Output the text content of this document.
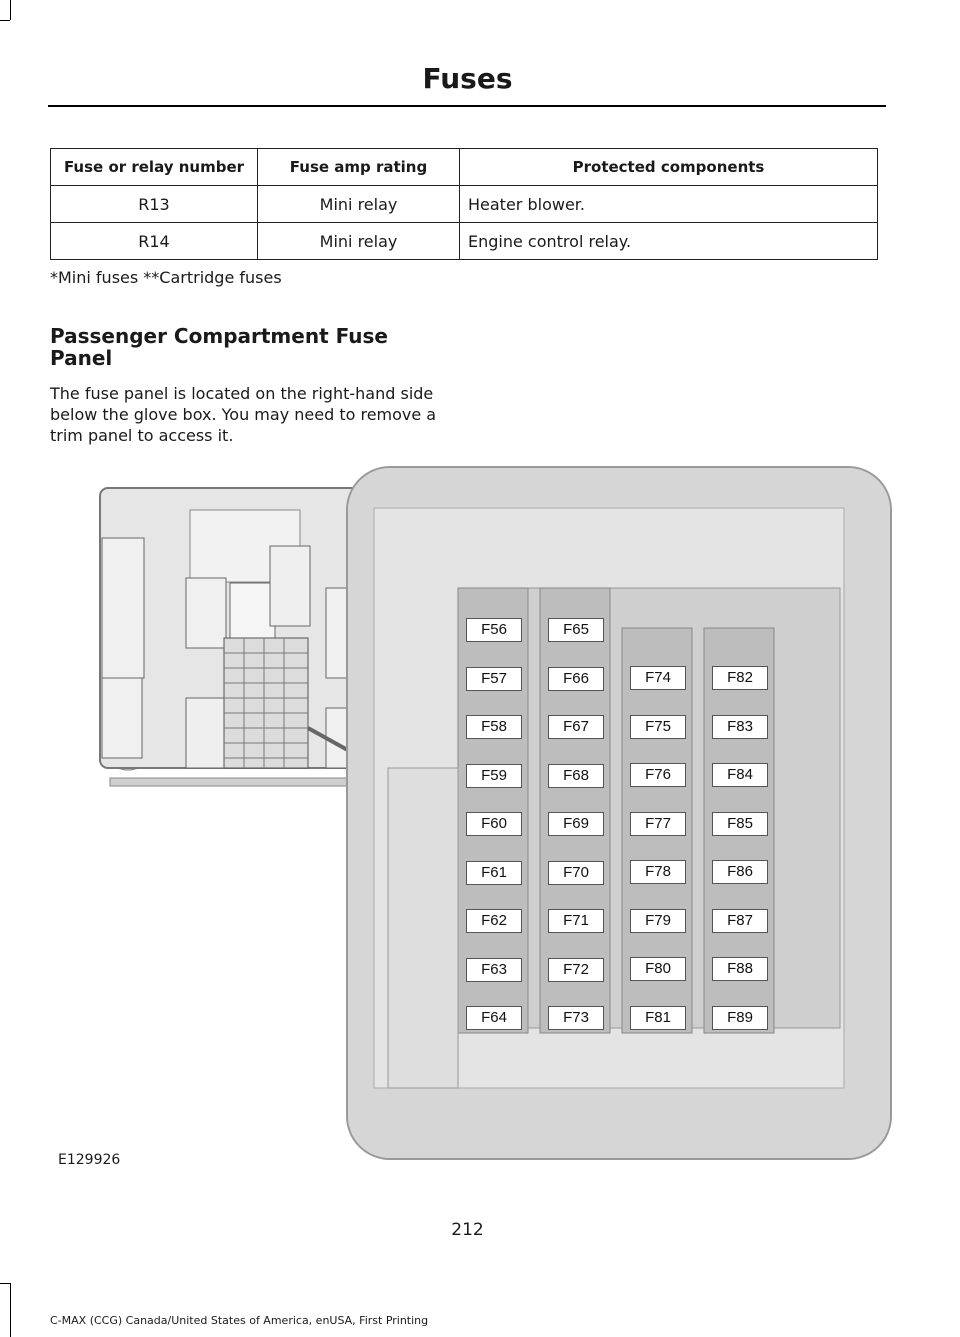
Fuses
Fuse or relay number	Fuse amp rating	Protected components
R13	Mini relay	Heater blower.
R14	Mini relay	Engine control relay.
*Mini fuses **Cartridge fuses
Passenger Compartment Fuse Panel
The fuse panel is located on the right-hand side below the glove box. You may need to remove a trim panel to access it.
F56
F57
F58
F59
F60
F61
F62
F63
F64
F65
F66
F67
F68
F69
F70
F71
F72
F73
F74
F75
F76
F77
F78
F79
F80
F81
F82
F83
F84
F85
F86
F87
F88
F89
E129926
212
C-MAX (CCG) Canada/United States of America, enUSA, First Printing
